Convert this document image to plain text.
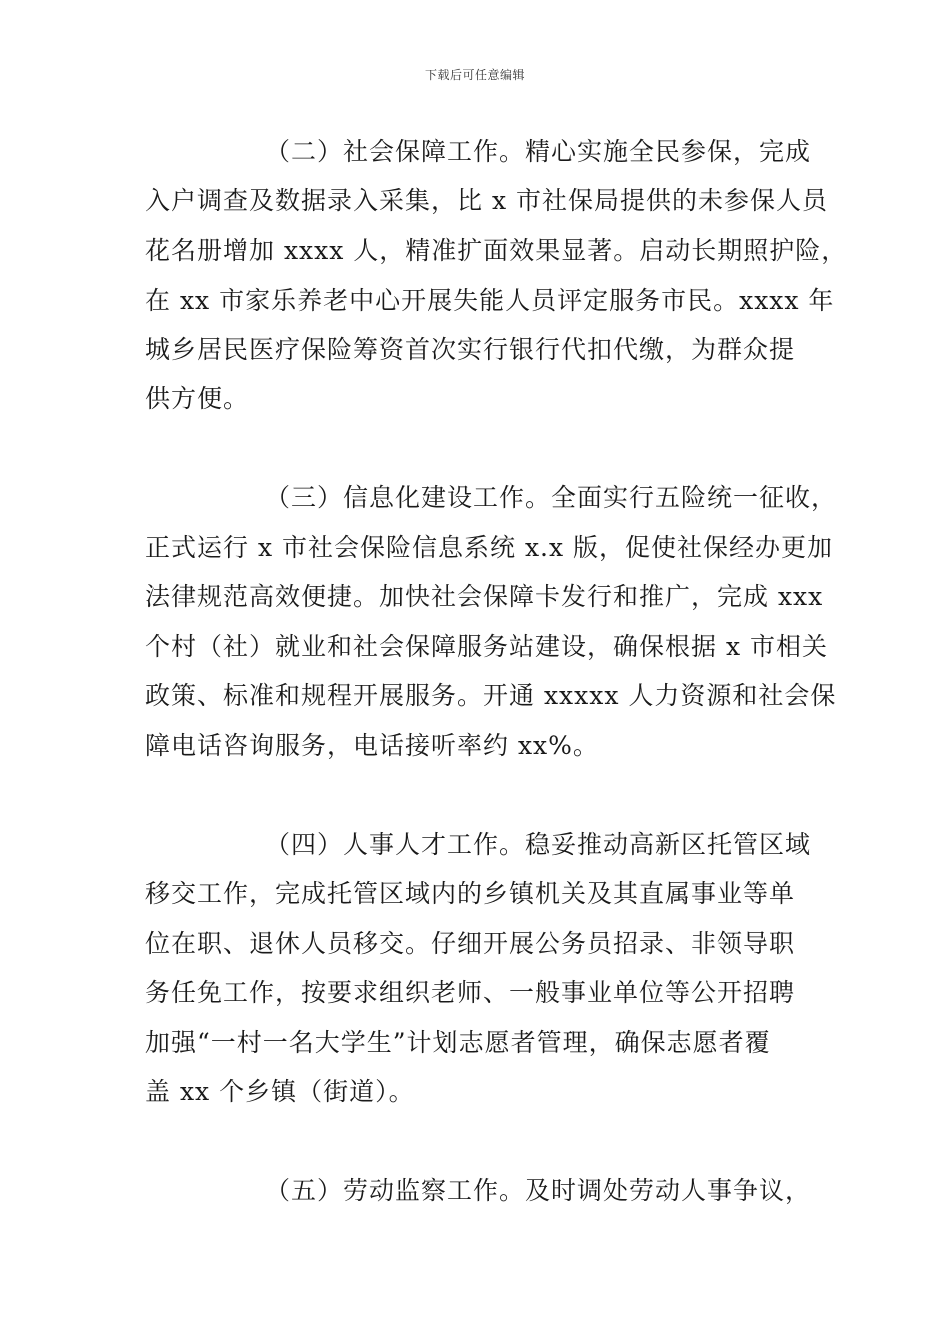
下载后可任意编辑
（二）社会保障工作。精心实施全民参保，完成
入户调查及数据录入采集，比 x 市社保局提供的未参保人员
花名册增加 xxxx 人，精准扩面效果显著。启动长期照护险，
在 xx 市家乐养老中心开展失能人员评定服务市民。xxxx 年
城乡居民医疗保险筹资首次实行银行代扣代缴，为群众提
供方便。
（三）信息化建设工作。全面实行五险统一征收，
正式运行 x 市社会保险信息系统 x.x 版，促使社保经办更加
法律规范高效便捷。加快社会保障卡发行和推广，完成 xxx
个村（社）就业和社会保障服务站建设，确保根据 x 市相关
政策、标准和规程开展服务。开通 xxxxx 人力资源和社会保
障电话咨询服务，电话接听率约 xx%。
（四）人事人才工作。稳妥推动高新区托管区域
移交工作，完成托管区域内的乡镇机关及其直属事业等单
位在职、退休人员移交。仔细开展公务员招录、非领导职
务任免工作，按要求组织老师、一般事业单位等公开招聘
加强“一村一名大学生”计划志愿者管理，确保志愿者覆
盖 xx 个乡镇（街道）。
（五）劳动监察工作。及时调处劳动人事争议，
